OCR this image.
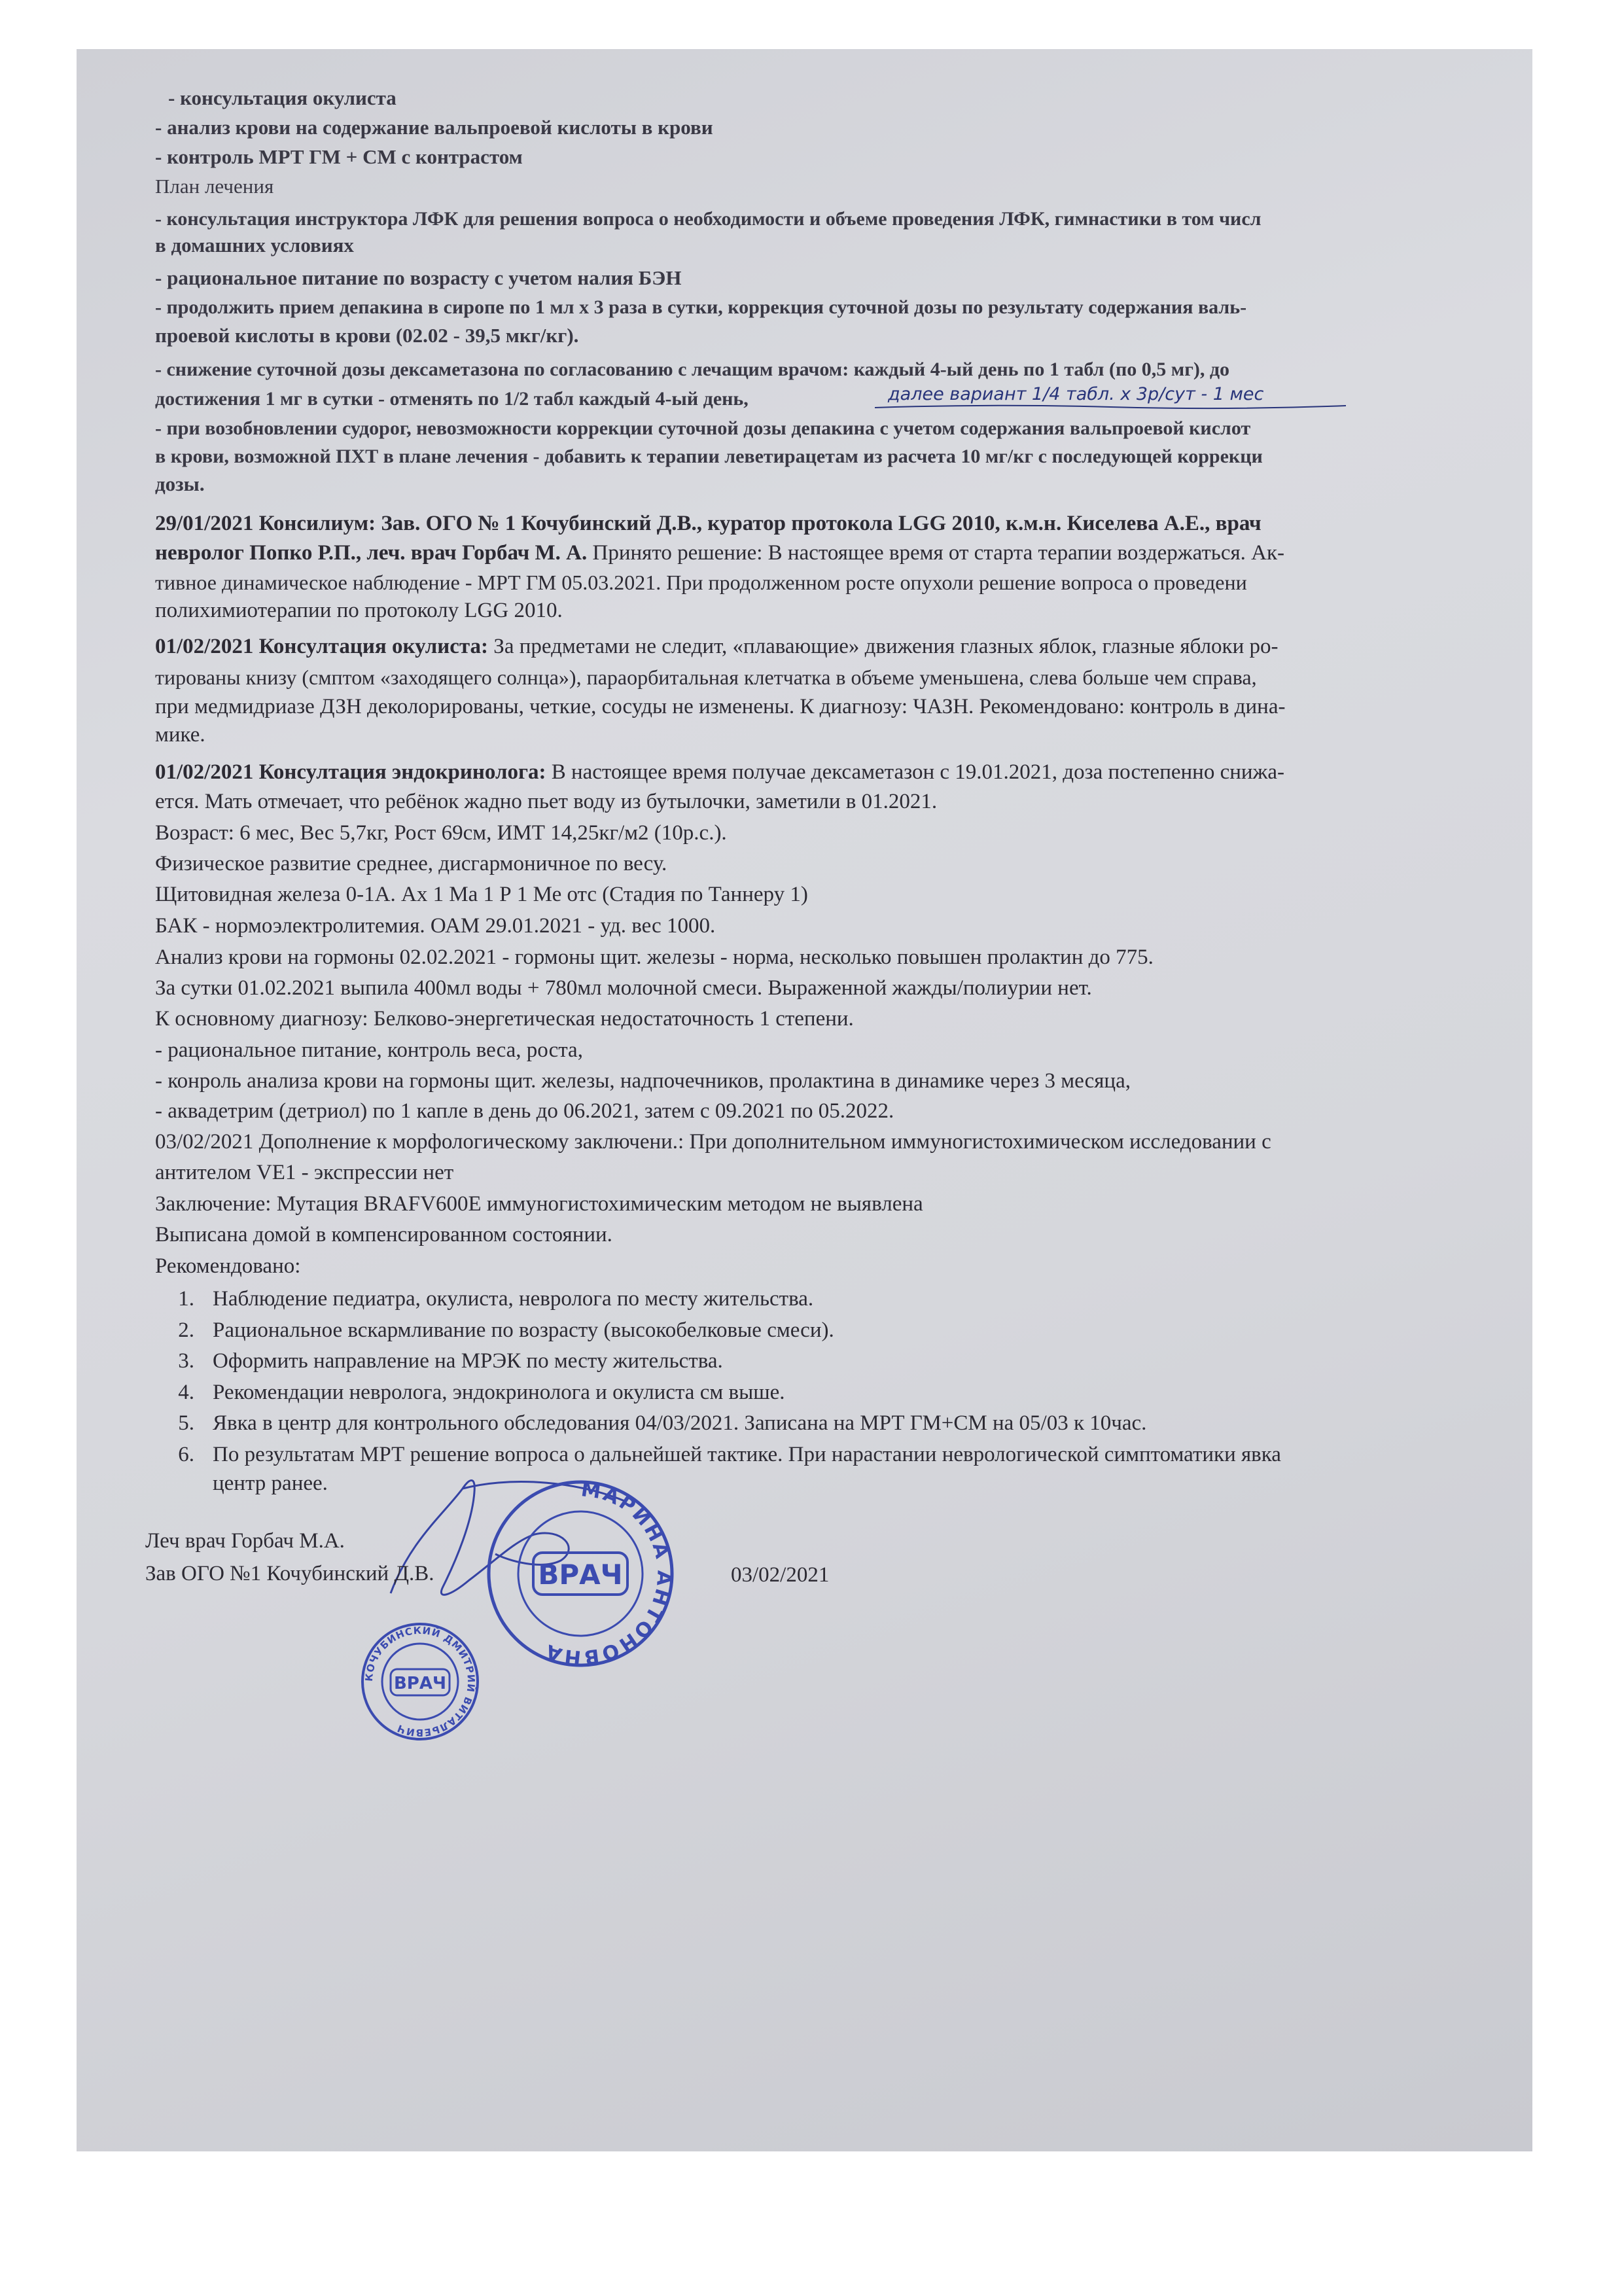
- консультация окулиста
- анализ крови на содержание вальпроевой кислоты в крови
- контроль МРТ ГМ + СМ с контрастом
План лечения
- консультация инструктора ЛФК для решения вопроса о необходимости и объеме проведения ЛФК, гимнастики в том числ
в домашних условиях
- рациональное питание по возрасту с учетом налия БЭН
- продолжить прием депакина в сиропе по 1 мл х 3 раза в сутки, коррекция суточной дозы по результату содержания валь-
проевой кислоты в крови (02.02 - 39,5 мкг/кг).
- снижение суточной дозы дексаметазона по согласованию с лечащим врачом: каждый 4-ый день по 1 табл (по 0,5 мг), до
достижения 1 мг в сутки - отменять по 1/2 табл каждый 4-ый день,
- при возобновлении судорог, невозможности коррекции суточной дозы депакина с учетом содержания вальпроевой кислот
в крови, возможной ПХТ в плане лечения - добавить к терапии леветирацетам из расчета 10 мг/кг с последующей коррекци
дозы.
далее вариант 1/4 табл. х 3р/сут - 1 мес
29/01/2021 Консилиум: Зав. ОГО № 1 Кочубинский Д.В., куратор протокола LGG 2010, к.м.н. Киселева А.Е., врач
невролог Попко Р.П., леч. врач Горбач М. А. Принято решение: В настоящее время от старта терапии воздержаться. Ак-
тивное динамическое наблюдение - МРТ ГМ 05.03.2021. При продолженном росте опухоли решение вопроса о проведени
полихимиотерапии по протоколу LGG 2010.
01/02/2021 Консултация окулиста: За предметами не следит, «плавающие» движения глазных яблок, глазные яблоки ро-
тированы книзу (смптом «заходящего солнца»), параорбитальная клетчатка в объеме уменьшена, слева больше чем справа,
при медмидриазе ДЗН деколорированы, четкие, сосуды не изменены. К диагнозу: ЧАЗН. Рекомендовано: контроль в дина-
мике.
01/02/2021 Консултация эндокринолога: В настоящее время получае дексаметазон с 19.01.2021, доза постепенно снижа-
ется. Мать отмечает, что ребёнок жадно пьет воду из бутылочки, заметили в 01.2021.
Возраст: 6 мес, Вес 5,7кг, Рост 69см, ИМТ 14,25кг/м2 (10р.с.).
Физическое развитие среднее, дисгармоничное по весу.
Щитовидная железа 0-1А. Ах 1 Ма 1 Р 1 Ме отс (Стадия по Таннеру 1)
БАК - нормоэлектролитемия. ОАМ 29.01.2021 - уд. вес 1000.
Анализ крови на гормоны 02.02.2021 - гормоны щит. железы - норма, несколько повышен пролактин до 775.
За сутки 01.02.2021 выпила 400мл воды + 780мл молочной смеси. Выраженной жажды/полиурии нет.
К основному диагнозу: Белково-энергетическая недостаточность 1 степени.
- рациональное питание, контроль веса, роста,
- конроль анализа крови на гормоны щит. железы, надпочечников, пролактина в динамике через 3 месяца,
- аквадетрим (детриол) по 1 капле в день до 06.2021, затем с 09.2021 по 05.2022.
03/02/2021 Дополнение к морфологическому заключени.: При дополнительном иммуногистохимическом исследовании с
антителом VE1 - экспрессии нет
Заключение: Мутация BRAFV600E иммуногистохимическим методом не выявлена
Выписана домой в компенсированном состоянии.
Рекомендовано:
1. Наблюдение педиатра, окулиста, невролога по месту жительства.
2. Рациональное вскармливание по возрасту (высокобелковые смеси).
3. Оформить направление на МРЭК по месту жительства.
4. Рекомендации невролога, эндокринолога и окулиста см выше.
5. Явка в центр для контрольного обследования 04/03/2021. Записана на МРТ ГМ+СМ на 05/03 к 10час.
6. По результатам МРТ решение вопроса о дальнейшей тактике. При нарастании неврологической симптоматики явка
центр ранее.
Леч врач Горбач М.А.
Зав ОГО №1 Кочубинский Д.В.	03/02/2021
МАРИНА АНТОНОВНА
ВРАЧ
КОЧУБИНСКИЙ ДМИТРИЙ ВИТАЛЬЕВИЧ
ВРАЧ
